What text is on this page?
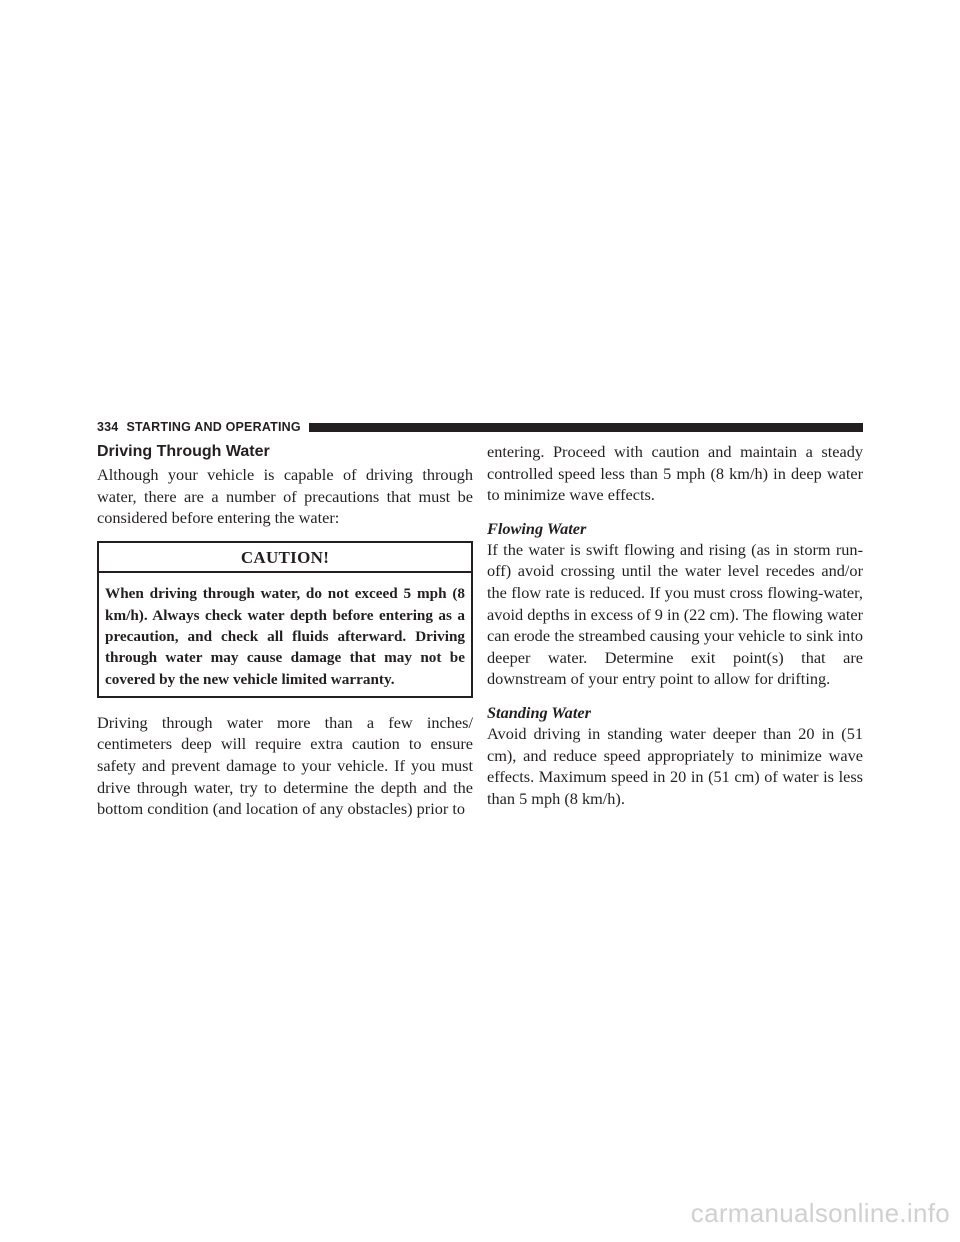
334 STARTING AND OPERATING
Driving Through Water

Although your vehicle is capable of driving through water, there are a number of precautions that must be considered before entering the water:

CAUTION!
When driving through water, do not exceed 5 mph (8 km/h). Always check water depth before entering as a precaution, and check all fluids afterward. Driving through water may cause damage that may not be covered by the new vehicle limited warranty.

Driving through water more than a few inches/ centimeters deep will require extra caution to ensure safety and prevent damage to your vehicle. If you must drive through water, try to determine the depth and the bottom condition (and location of any obstacles) prior to

entering. Proceed with caution and maintain a steady controlled speed less than 5 mph (8 km/h) in deep water to minimize wave effects.

Flowing Water

If the water is swift flowing and rising (as in storm run-off) avoid crossing until the water level recedes and/or the flow rate is reduced. If you must cross flowing-water, avoid depths in excess of 9 in (22 cm). The flowing water can erode the streambed causing your vehicle to sink into deeper water. Determine exit point(s) that are downstream of your entry point to allow for drifting.

Standing Water

Avoid driving in standing water deeper than 20 in (51 cm), and reduce speed appropriately to minimize wave effects. Maximum speed in 20 in (51 cm) of water is less than 5 mph (8 km/h).

carmanualsonline.info
